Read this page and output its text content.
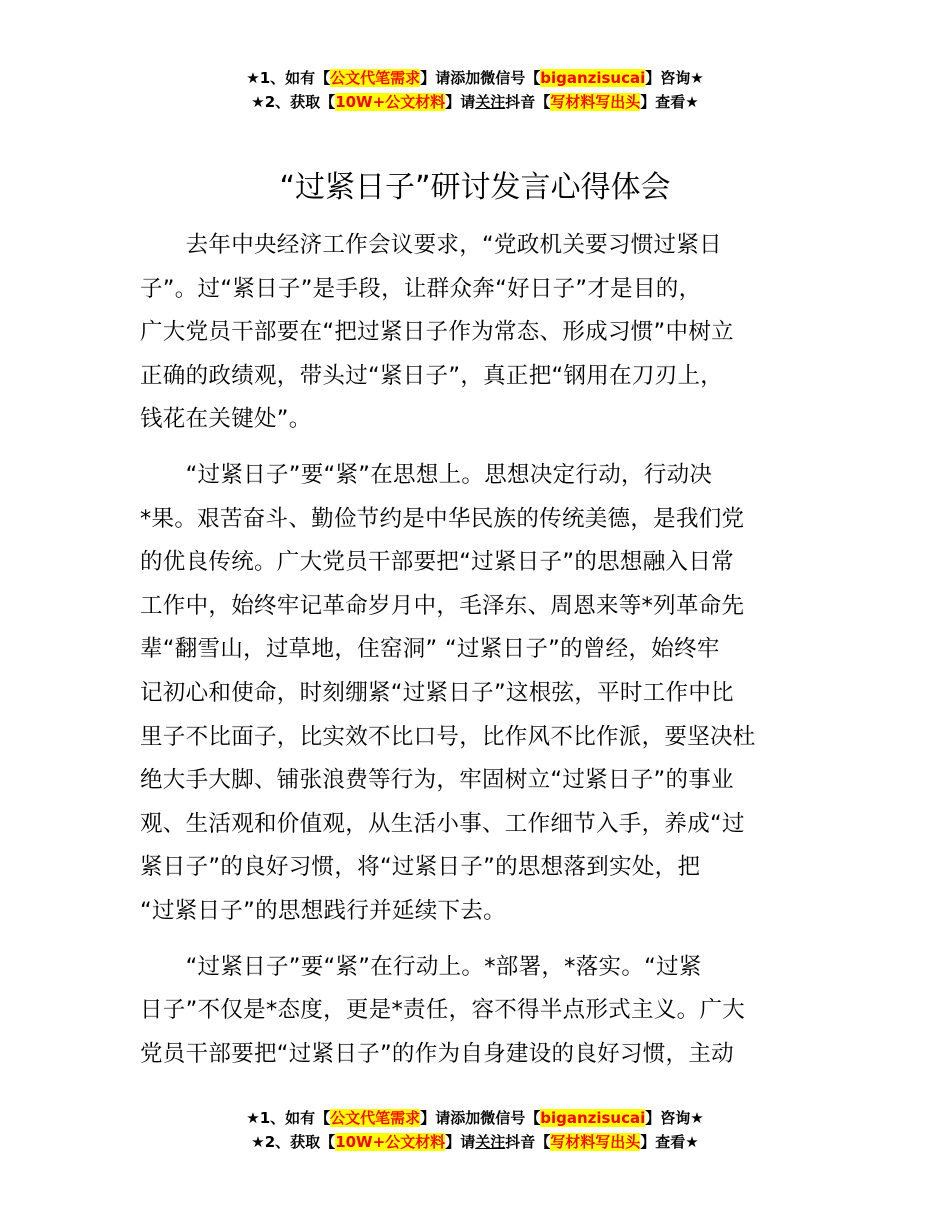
★1、如有【公文代笔需求】请添加微信号【biganzisucai】咨询★
★2、获取【10W+公文材料】请关注抖音【写材料写出头】查看★
“过紧日子”研讨发言心得体会
　　去年中央经济工作会议要求，“党政机关要习惯过紧日
子”。过“紧日子”是手段，让群众奔“好日子”才是目的，
广大党员干部要在“把过紧日子作为常态、形成习惯”中树立
正确的政绩观，带头过“紧日子”，真正把“钢用在刀刃上，
钱花在关键处”。
　　“过紧日子”要“紧”在思想上。思想决定行动，行动决
*果。艰苦奋斗、勤俭节约是中华民族的传统美德，是我们党
的优良传统。广大党员干部要把“过紧日子”的思想融入日常
工作中，始终牢记革命岁月中，毛泽东、周恩来等*列革命先
辈“翻雪山，过草地，住窑洞” “过紧日子”的曾经，始终牢
记初心和使命，时刻绷紧“过紧日子”这根弦，平时工作中比
里子不比面子，比实效不比口号，比作风不比作派，要坚决杜
绝大手大脚、铺张浪费等行为，牢固树立“过紧日子”的事业
观、生活观和价值观，从生活小事、工作细节入手，养成“过
紧日子”的良好习惯，将“过紧日子”的思想落到实处，把
“过紧日子”的思想践行并延续下去。
　　“过紧日子”要“紧”在行动上。*部署，*落实。“过紧
日子”不仅是*态度，更是*责任，容不得半点形式主义。广大
党员干部要把“过紧日子”的作为自身建设的良好习惯，主动
★1、如有【公文代笔需求】请添加微信号【biganzisucai】咨询★
★2、获取【10W+公文材料】请关注抖音【写材料写出头】查看★
